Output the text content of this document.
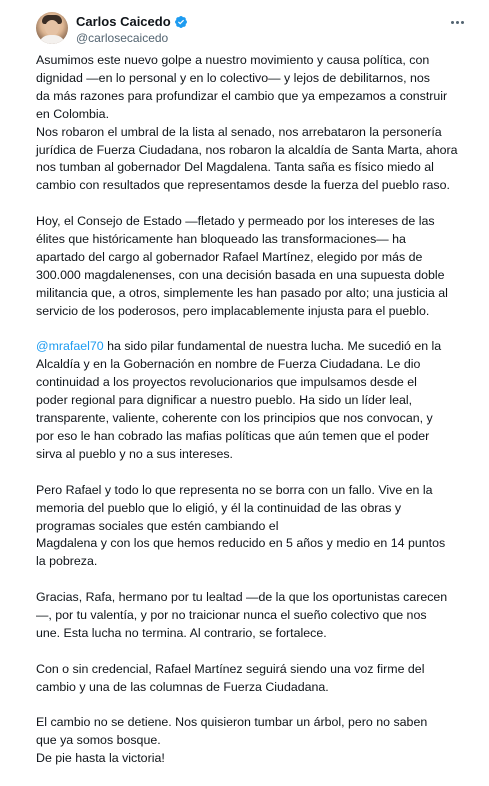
Carlos Caicedo
@carlosecaicedo

Asumimos este nuevo golpe a nuestro movimiento y causa política, con
dignidad —en lo personal y en lo colectivo— y lejos de debilitarnos, nos
da más razones para profundizar el cambio que ya empezamos a construir
en Colombia.
Nos robaron el umbral de la lista al senado, nos arrebataron la personería
jurídica de Fuerza Ciudadana, nos robaron la alcaldía de Santa Marta, ahora
nos tumban al gobernador Del Magdalena. Tanta saña es físico miedo al
cambio con resultados que representamos desde la fuerza del pueblo raso.

Hoy, el Consejo de Estado —fletado y permeado por los intereses de las
élites que históricamente han bloqueado las transformaciones— ha
apartado del cargo al gobernador Rafael Martínez, elegido por más de
300.000 magdalenenses, con una decisión basada en una supuesta doble
militancia que, a otros, simplemente les han pasado por alto; una justicia al
servicio de los poderosos, pero implacablemente injusta para el pueblo.

@mrafael70 ha sido pilar fundamental de nuestra lucha. Me sucedió en la
Alcaldía y en la Gobernación en nombre de Fuerza Ciudadana. Le dio
continuidad a los proyectos revolucionarios que impulsamos desde el
poder regional para dignificar a nuestro pueblo. Ha sido un líder leal,
transparente, valiente, coherente con los principios que nos convocan, y
por eso le han cobrado las mafias políticas que aún temen que el poder
sirva al pueblo y no a sus intereses.

Pero Rafael y todo lo que representa no se borra con un fallo. Vive en la
memoria del pueblo que lo eligió, y él la continuidad de las obras y
programas sociales que estén cambiando el
Magdalena y con los que hemos reducido en 5 años y medio en 14 puntos
la pobreza.

Gracias, Rafa, hermano por tu lealtad —de la que los oportunistas carecen
—, por tu valentía, y por no traicionar nunca el sueño colectivo que nos
une. Esta lucha no termina. Al contrario, se fortalece.

Con o sin credencial, Rafael Martínez seguirá siendo una voz firme del
cambio y una de las columnas de Fuerza Ciudadana.

El cambio no se detiene. Nos quisieron tumbar un árbol, pero no saben
que ya somos bosque.
De pie hasta la victoria!
